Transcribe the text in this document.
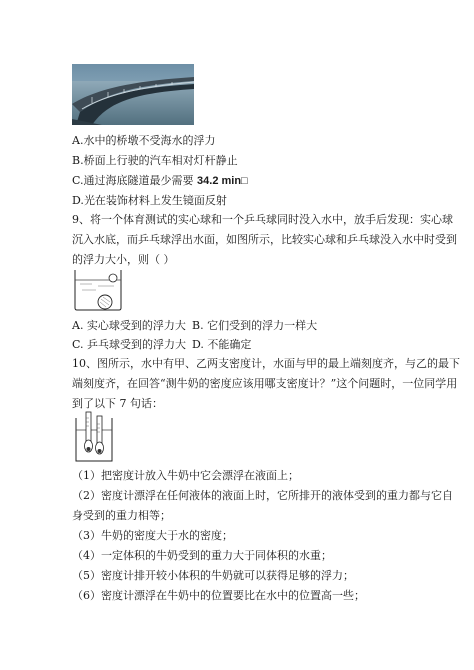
A.水中的桥墩不受海水的浮力
B.桥面上行驶的汽车相对灯杆静止
C.通过海底隧道最少需要 34.2 min□
D.光在装饰材料上发生镜面反射
9、将一个体育测试的实心球和一个乒乓球同时没入水中，放手后发现：实心球
沉入水底，而乒乓球浮出水面，如图所示，比较实心球和乒乓球没入水中时受到
的浮力大小，则（ ）
A. 实心球受到的浮力大 B. 它们受到的浮力一样大
C. 乒乓球受到的浮力大 D. 不能确定
10、图所示，水中有甲、乙两支密度计，水面与甲的最上端刻度齐，与乙的最下
端刻度齐，在回答“测牛奶的密度应该用哪支密度计？”这个问题时，一位同学用
到了以下 7 句话：
（1）把密度计放入牛奶中它会漂浮在液面上；
（2）密度计漂浮在任何液体的液面上时，它所排开的液体受到的重力都与它自
身受到的重力相等；
（3）牛奶的密度大于水的密度；
（4）一定体积的牛奶受到的重力大于同体积的水重；
（5）密度计排开较小体积的牛奶就可以获得足够的浮力；
（6）密度计漂浮在牛奶中的位置要比在水中的位置高一些；
